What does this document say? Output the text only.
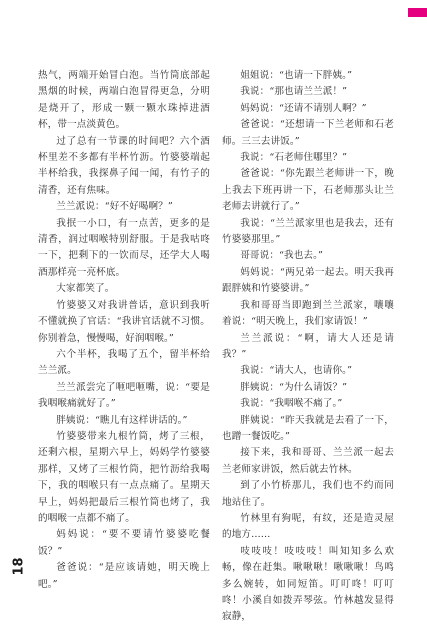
热气，两端开始冒白泡。当竹筒底部起黑烟的时候，两端白泡冒得更急，分明是烧开了，形成一颗一颗水珠掉进酒杯，带一点淡黄色。

过了总有一节课的时间吧？六个酒杯里差不多都有半杯竹沥。竹婆婆端起半杯给我，我探鼻子闻一闻，有竹子的清香，还有焦味。

兰兰派说：“好不好喝啊？”

我抿一小口，有一点苦，更多的是清香，润过咽喉特别舒服。于是我咕咚一下，把剩下的一饮而尽，还学大人喝酒那样亮一亮杯底。

大家都笑了。

竹婆婆又对我讲普话，意识到我听不懂就换了官话：“我讲官话就不习惯。你别着急，慢慢喝，好润咽喉。”

六个半杯，我喝了五个，留半杯给兰兰派。

兰兰派尝完了咂吧咂嘴，说：“要是我咽喉痛就好了。”

胖姨说：“瞧儿有这样讲话的。”

竹婆婆带来九根竹筒，烤了三根，还剩六根，星期六早上，妈妈学竹婆婆那样，又烤了三根竹筒，把竹沥给我喝下，我的咽喉只有一点点痛了。星期天早上，妈妈把最后三根竹筒也烤了，我的咽喉一点都不痛了。

妈妈说：“要不要请竹婆婆吃餐饭？”

爸爸说：“是应该请她，明天晚上吧。”

姐姐说：“也请一下胖姨。”

我说：“那也请兰兰派！”

妈妈说：“还请不请别人啊？”

爸爸说：“还想请一下兰老师和石老师。三三去讲饭。”

我说：“石老师住哪里？”

爸爸说：“你先跟兰老师讲一下，晚上我去下班再讲一下，石老师那头让兰老师去讲就行了。”

我说：“兰兰派家里也是我去，还有竹婆婆那里。”

哥哥说：“我也去。”

妈妈说：“两兄弟一起去。明天我再跟胖姨和竹婆婆讲。”

我和哥哥当即跑到兰兰派家，嚷嚷着说：“明天晚上，我们家请饭！”

兰兰派说：“啊，请大人还是请我？”

我说：“请大人，也请你。”

胖姨说：“为什么请饭？”

我说：“我咽喉不痛了。”

胖姨说：“昨天我就是去看了一下，也蹭一餐饭吃。”

接下来，我和哥哥、兰兰派一起去兰老师家讲饭，然后就去竹林。

到了小竹桥那儿，我们也不约而同地站住了。

竹林里有狗呢，有纹，还是造灵屋的地方……

吱吱吱！吱吱吱！叫知知多么欢畅，像在赶集。啾啾啾！啾啾啾！鸟鸣多么婉转，如同短笛。叮叮咚！叮叮咚！小溪自如拨弄琴弦。竹林越发显得寂静，

18
